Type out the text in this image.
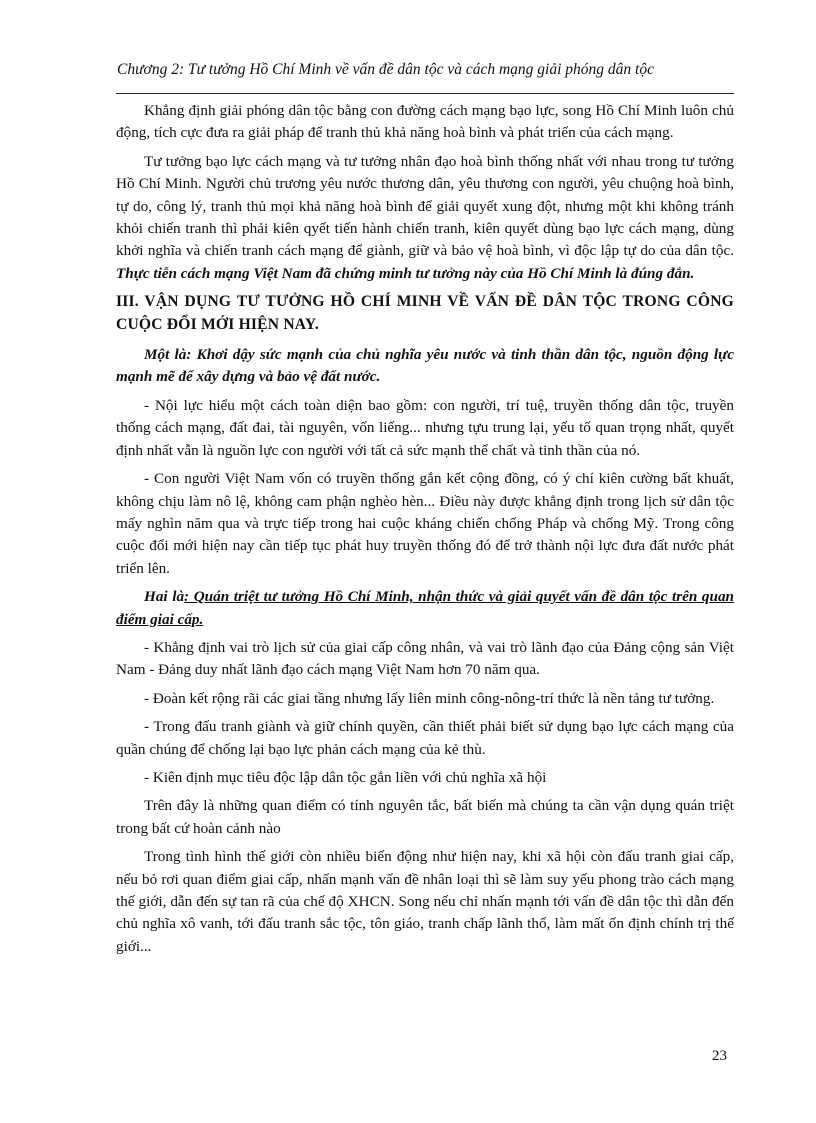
Chương 2: Tư tưởng Hồ Chí Minh về vấn đề dân tộc và cách mạng giải phóng dân tộc

Khẳng định giải phóng dân tộc bằng con đường cách mạng bạo lực, song Hồ Chí Minh luôn chủ động, tích cực đưa ra giải pháp để tranh thủ khả năng hoà bình và phát triển của cách mạng.

Tư tưởng bạo lực cách mạng và tư tưởng nhân đạo hoà bình thống nhất với nhau trong tư tưởng Hồ Chí Minh. Người chủ trương yêu nước thương dân, yêu thương con người, yêu chuộng hoà bình, tự do, công lý, tranh thủ mọi khả năng hoà bình để giải quyết xung đột, nhưng một khi không tránh khỏi chiến tranh thì phải kiên qyết tiến hành chiến tranh, kiên quyết dùng bạo lực cách mạng, dùng khởi nghĩa và chiến tranh cách mạng để giành, giữ và bảo vệ hoà bình, vì độc lập tự do của dân tộc. Thực tiễn cách mạng Việt Nam đã chứng minh tư tưởng này của Hồ Chí Minh là đúng đắn.

III. VẬN DỤNG TƯ TƯỞNG HỒ CHÍ MINH VỀ VẤN ĐỀ DÂN TỘC TRONG CÔNG CUỘC ĐỔI MỚI HIỆN NAY.

Một là: Khơi dậy sức mạnh của chủ nghĩa yêu nước và tinh thần dân tộc, nguồn động lực mạnh mẽ để xây dựng và bảo vệ đất nước.

- Nội lực hiểu một cách toàn diện bao gồm: con người, trí tuệ, truyền thống dân tộc, truyền thống cách mạng, đất đai, tài nguyên, vốn liếng... nhưng tựu trung lại, yếu tố quan trọng nhất, quyết định nhất vẫn là nguồn lực con người với tất cả sức mạnh thể chất và tinh thần của nó.

- Con người Việt Nam vốn có truyền thống gắn kết cộng đồng, có ý chí kiên cường bất khuất, không chịu làm nô lệ, không cam phận nghèo hèn... Điều này được khẳng định trong lịch sử dân tộc mấy nghìn năm qua và trực tiếp trong hai cuộc kháng chiến chống Pháp và chống Mỹ. Trong công cuộc đổi mới hiện nay cần tiếp tục phát huy truyền thống đó để trở thành nội lực đưa đất nước phát triển lên.

Hai là: Quán triệt tư tưởng Hồ Chí Minh, nhận thức và giải quyết vấn đề dân tộc trên quan điểm giai cấp.

- Khẳng định vai trò lịch sử của giai cấp công nhân, và vai trò lãnh đạo của Đảng cộng sản Việt Nam - Đảng duy nhất lãnh đạo cách mạng Việt Nam hơn 70 năm qua.

- Đoàn kết rộng rãi các giai tầng nhưng lấy liên minh công-nông-trí thức là nền tảng tư tưởng.

- Trong đấu tranh giành và giữ chính quyền, cần thiết phải biết sử dụng bạo lực cách mạng của quần chúng để chống lại bạo lực phản cách mạng của kẻ thù.

- Kiên định mục tiêu độc lập dân tộc gắn liền với chủ nghĩa xã hội

Trên đây là những quan điểm có tính nguyên tắc, bất biến mà chúng ta cần vận dụng quán triệt trong bất cứ hoàn cảnh nào

Trong tình hình thế giới còn nhiều biến động như hiện nay, khi xã hội còn đấu tranh giai cấp, nếu bỏ rơi quan điểm giai cấp, nhấn mạnh vấn đề nhân loại thì sẽ làm suy yếu phong trào cách mạng thế giới, dẫn đến sự tan rã của chế độ XHCN. Song nếu chỉ nhấn mạnh tới vấn đề dân tộc thì dẫn đến chủ nghĩa xô vanh, tới đấu tranh sắc tộc, tôn giáo, tranh chấp lãnh thổ, làm mất ổn định chính trị thế giới...

23
